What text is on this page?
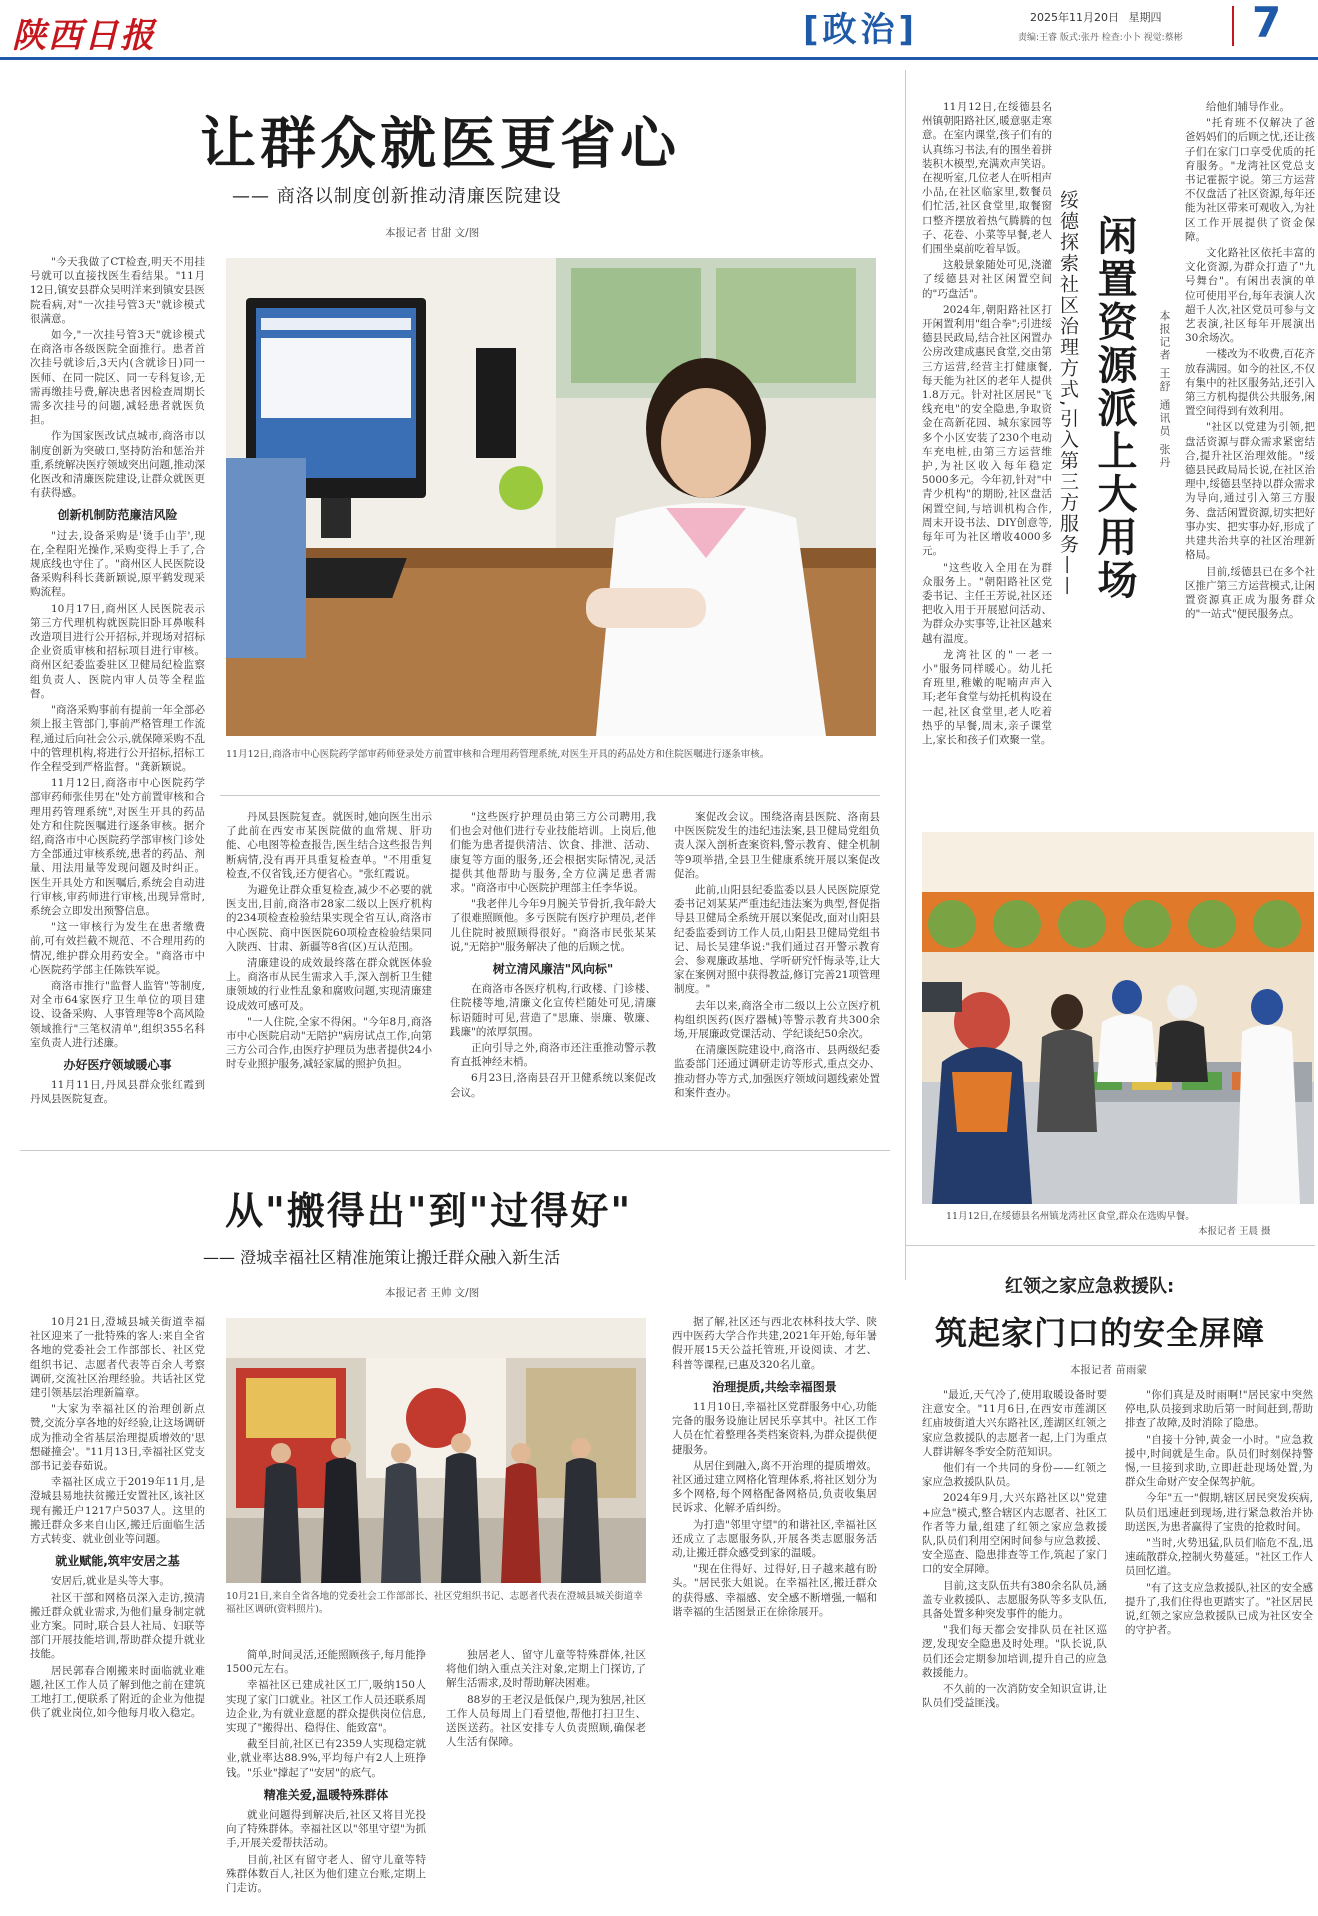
陕西日报	[政治]	2025年11月20日 星期四
责编:王睿 版式:张丹 检查:小卜 视觉:蔡彬 7
让群众就医更省心
—— 商洛以制度创新推动清廉医院建设
本报记者 甘甜 文/图

"今天我做了CT检查,明天不用挂号就可以直接找医生看结果。"11月12日,镇安县群众吴明洋来到镇安县医院看病,对"一次挂号管3天"就诊模式很满意。

如今,"一次挂号管3天"就诊模式在商洛市各级医院全面推行。患者首次挂号就诊后,3天内(含就诊日)同一医师、在同一院区、同一专科复诊,无需再缴挂号费,解决患者因检查周期长需多次挂号的问题,减轻患者就医负担。

作为国家医改试点城市,商洛市以制度创新为突破口,坚持防治和惩治并重,系统解决医疗领域突出问题,推动深化医改和清廉医院建设,让群众就医更有获得感。

创新机制防范廉洁风险

"过去,设备采购是'烫手山芋',现在,全程阳光操作,采购变得上手了,合规底线也守住了。"商州区人民医院设备采购科科长龚新颖说,原平鹤发现采购流程。

10月17日,商州区人民医院表示第三方代理机构就医院旧卧耳鼻喉科改造项目进行公开招标,并现场对招标企业资质审核和招标项目进行审核。商州区纪委监委驻区卫健局纪检监察组负责人、医院内审人员等全程监督。

"商洛采购事前有提前一年全部必须上报主管部门,事前严格管理工作流程,通过后向社会公示,就保障采购不乱中的管理机构,将进行公开招标,招标工作全程受到严格监督。"龚新颖说。

11月12日,商洛市中心医院药学部审药师张佳男在"处方前置审核和合理用药管理系统",对医生开具的药品处方和住院医嘱进行逐条审核。据介绍,商洛市中心医院药学部审核门诊处方全部通过审核系统,患者的药品、剂量、用法用量等发现问题及时纠正。医生开具处方和医嘱后,系统会自动进行审核,审药师进行审核,出现异常时,系统会立即发出预警信息。

"这一审核行为发生在患者缴费前,可有效拦截不规范、不合理用药的情况,维护群众用药安全。"商洛市中心医院药学部主任陈铁军说。

商洛市推行"监督人监管"等制度,对全市64家医疗卫生单位的项目建设、设备采购、人事管理等8个高风险领域推行"三笔权清单",组织355名科室负责人进行述廉。

办好医疗领域暖心事

11月11日,丹凤县群众张红霞到丹凤县医院复查。

11月12日,商洛市中心医院药学部审药师登录处方前置审核和合理用药管理系统,对医生开具的药品处方和住院医嘱进行逐条审核。

丹凤县医院复查。就医时,她向医生出示了此前在西安市某医院做的血常规、肝功能、心电图等检查报告,医生结合这些报告判断病情,没有再开具重复检查单。"不用重复检查,不仅省钱,还方便省心。"张红霞说。

为避免让群众重复检查,减少不必要的就医支出,目前,商洛市28家二级以上医疗机构的234项检查检验结果实现全省互认,商洛市中心医院、商中医医院60项检查检验结果同入陕西、甘肃、新疆等8省(区)互认范围。

清廉建设的成效最终落在群众就医体验上。商洛市从民生需求入手,深入剖析卫生健康领域的行业性乱象和腐败问题,实现清廉建设成效可感可及。

"一人住院,全家不得闲。"今年8月,商洛市中心医院启动"无陪护"病房试点工作,向第三方公司合作,由医疗护理员为患者提供24小时专业照护服务,减轻家属的照护负担。

"这些医疗护理员由第三方公司聘用,我们也会对他们进行专业技能培训。上岗后,他们能为患者提供清洁、饮食、排泄、活动、康复等方面的服务,还会根据实际情况,灵活提供其他帮助与服务,全方位满足患者需求。"商洛市中心医院护理部主任李华说。

"我老伴儿今年9月腕关节骨折,我年龄大了很难照顾他。多亏医院有医疗护理员,老伴儿住院时被照顾得很好。"商洛市民张某某说,"无陪护"服务解决了他的后顾之忧。

树立清风廉洁"风向标"

在商洛市各医疗机构,行政楼、门诊楼、住院楼等地,清廉文化宣传栏随处可见,清廉标语随时可见,营造了"思廉、崇廉、敬廉、践廉"的浓厚氛围。

正向引导之外,商洛市还注重推动警示教育直抵神经末梢。

6月23日,洛南县召开卫健系统以案促改会议。

案促改会议。围绕洛南县医院、洛南县中医医院发生的违纪违法案,县卫健局党组负责人深入剖析查案资料,警示教育、健全机制等9项举措,全县卫生健康系统开展以案促改促治。

此前,山阳县纪委监委以县人民医院原党委书记刘某某严重违纪违法案为典型,督促指导县卫健局全系统开展以案促改,面对山阳县纪委监委到访工作人员,山阳县卫健局党组书记、局长吴建华说:"我们通过召开警示教育会、参观廉政基地、学听研究忏悔录等,让大家在案例对照中获得教益,修订完善21项管理制度。"

去年以来,商洛全市二级以上公立医疗机构组织医药(医疗器械)等警示教育共300余场,开展廉政党课活动、学纪谈纪50余次。

在清廉医院建设中,商洛市、县两级纪委监委部门还通过调研走访等形式,重点交办、推动督办等方式,加强医疗领域问题线索处置和案件查办。

11月12日,在绥德县名州镇朝阳路社区,暖意驱走寒意。在室内课堂,孩子们有的认真练习书法,有的围坐着拼装积木模型,充满欢声笑语。在视听室,几位老人在听相声小品,在社区临家里,数餐员们忙活,社区食堂里,取餐窗口整齐摆放着热气腾腾的包子、花卷、小菜等早餐,老人们围坐桌前吃着早饭。

这般景象随处可见,浇灌了绥德县对社区闲置空间的"巧盘活"。

2024年,朝阳路社区打开闲置利用"组合拳";引进绥德县民政局,结合社区闲置办公房改建成惠民食堂,交由第三方运营,经营主打健康餐,每天能为社区的老年人提供1.8万元。针对社区居民"飞线充电"的安全隐患,争取资金在高新花园、城东家园等多个小区安装了230个电动车充电桩,由第三方运营维护,为社区收入每年稳定5000多元。今年初,针对"中青少机构"的期盼,社区盘活闲置空间,与培训机构合作,周末开设书法、DIY创意等,每年可为社区增收4000多元。

"这些收入全用在为群众服务上。"朝阳路社区党委书记、主任王芳说,社区还把收入用于开展慰问活动、为群众办实事等,让社区越来越有温度。

龙湾社区的"一老一小"服务同样暖心。幼儿托育班里,稚嫩的呢喃声声入耳;老年食堂与幼托机构设在一起,社区食堂里,老人吃着热乎的早餐,周末,亲子课堂上,家长和孩子们欢聚一堂。

绥德探索社区治理方式,引入第三方服务—— 闲置资源派上大用场	本报记者 王舒 通讯员 张丹

给他们辅导作业。

"托育班不仅解决了爸爸妈妈们的后顾之忧,还让孩子们在家门口享受优质的托育服务。"龙湾社区党总支书记霍振宇说。第三方运营不仅盘活了社区资源,每年还能为社区带来可观收入,为社区工作开展提供了资金保障。

文化路社区依托丰富的文化资源,为群众打造了"九号舞台"。有闲出表演的单位可使用平台,每年表演人次超千人次,社区党员可参与文艺表演,社区每年开展演出30余场次。

一楼改为不收费,百花齐放春满园。如今的社区,不仅有集中的社区服务站,还引入第三方机构提供公共服务,闲置空间得到有效利用。

"社区以党建为引领,把盘活资源与群众需求紧密结合,提升社区治理效能。"绥德县民政局局长说,在社区治理中,绥德县坚持以群众需求为导向,通过引入第三方服务、盘活闲置资源,切实把好事办实、把实事办好,形成了共建共治共享的社区治理新格局。

目前,绥德县已在多个社区推广第三方运营模式,让闲置资源真正成为服务群众的"一站式"便民服务点。

11月12日,在绥德县名州镇龙湾社区食堂,群众在选购早餐。
本报记者 王晨 摄
从"搬得出"到"过得好"
—— 澄城幸福社区精准施策让搬迁群众融入新生活
本报记者 王帅 文/图

10月21日,澄城县城关街道幸福社区迎来了一批特殊的客人:来自全省各地的党委社会工作部部长、社区党组织书记、志愿者代表等百余人考察调研,交流社区治理经验。共话社区党建引领基层治理新篇章。

"大家为幸福社区的治理创新点赞,交流分享各地的好经验,让这场调研成为推动全省基层治理提质增效的'思想碰撞会'。"11月13日,幸福社区党支部书记姜春茹说。

幸福社区成立于2019年11月,是澄城县易地扶贫搬迁安置社区,该社区现有搬迁户1217户5037人。这里的搬迁群众多来自山区,搬迁后面临生活方式转变、就业创业等问题。

就业赋能,筑牢安居之基

安居后,就业是头等大事。

社区干部和网格员深入走访,摸清搬迁群众就业需求,为他们量身制定就业方案。同时,联合县人社局、妇联等部门开展技能培训,帮助群众提升就业技能。

居民郭春合刚搬来时面临就业难题,社区工作人员了解到他之前在建筑工地打工,便联系了附近的企业为他提供了就业岗位,如今他每月收入稳定。

10月21日,来自全省各地的党委社会工作部部长、社区党组织书记、志愿者代表在澄城县城关街道幸福社区调研(资料照片)。

简单,时间灵活,还能照顾孩子,每月能挣1500元左右。

幸福社区已建成社区工厂,吸纳150人实现了家门口就业。社区工作人员还联系周边企业,为有就业意愿的群众提供岗位信息,实现了"搬得出、稳得住、能致富"。

截至目前,社区已有2359人实现稳定就业,就业率达88.9%,平均每户有2人上班挣钱。"乐业"撑起了"安居"的底气。

精准关爱,温暖特殊群体

就业问题得到解决后,社区又将目光投向了特殊群体。幸福社区以"邻里守望"为抓手,开展关爱帮扶活动。

目前,社区有留守老人、留守儿童等特殊群体数百人,社区为他们建立台账,定期上门走访。

独居老人、留守儿童等特殊群体,社区将他们纳入重点关注对象,定期上门探访,了解生活需求,及时帮助解决困难。

88岁的王老汉是低保户,现为独居,社区工作人员每周上门看望他,帮他打扫卫生、送医送药。社区安排专人负责照顾,确保老人生活有保障。

据了解,社区还与西北农林科技大学、陕西中医药大学合作共建,2021年开始,每年暑假开展15天公益托管班,开设阅读、才艺、科普等课程,已惠及320名儿童。

治理提质,共绘幸福图景

11月10日,幸福社区党群服务中心,功能完备的服务设施让居民乐享其中。社区工作人员在忙着整理各类档案资料,为群众提供便捷服务。

从居住到融入,离不开治理的提质增效。社区通过建立网格化管理体系,将社区划分为多个网格,每个网格配备网格员,负责收集居民诉求、化解矛盾纠纷。

为打造"邻里守望"的和谐社区,幸福社区还成立了志愿服务队,开展各类志愿服务活动,让搬迁群众感受到家的温暖。

"现在住得好、过得好,日子越来越有盼头。"居民张大姐说。在幸福社区,搬迁群众的获得感、幸福感、安全感不断增强,一幅和谐幸福的生活图景正在徐徐展开。

红领之家应急救援队:
筑起家门口的安全屏障
本报记者 苗雨蒙

"最近,天气冷了,使用取暖设备时要注意安全。"11月6日,在西安市莲湖区红庙坡街道大兴东路社区,莲湖区红领之家应急救援队的志愿者一起,上门为重点人群讲解冬季安全防范知识。

他们有一个共同的身份——红领之家应急救援队队员。

2024年9月,大兴东路社区以"党建+应急"模式,整合辖区内志愿者、社区工作者等力量,组建了红领之家应急救援队,队员们利用空闲时间参与应急救援、安全巡查、隐患排查等工作,筑起了家门口的安全屏障。

目前,这支队伍共有380余名队员,涵盖专业救援队、志愿服务队等多支队伍,具备处置多种突发事件的能力。

"我们每天都会安排队员在社区巡逻,发现安全隐患及时处理。"队长说,队员们还会定期参加培训,提升自己的应急救援能力。

不久前的一次消防安全知识宣讲,让队员们受益匪浅。

"你们真是及时雨啊!"居民家中突然停电,队员接到求助后第一时间赶到,帮助排查了故障,及时消除了隐患。

"自接十分钟,黄金一小时。"应急救援中,时间就是生命。队员们时刻保持警惕,一旦接到求助,立即赶赴现场处置,为群众生命财产安全保驾护航。

今年"五一"假期,辖区居民突发疾病,队员们迅速赶到现场,进行紧急救治并协助送医,为患者赢得了宝贵的抢救时间。

"当时,火势迅猛,队员们临危不乱,迅速疏散群众,控制火势蔓延。"社区工作人员回忆道。

"有了这支应急救援队,社区的安全感提升了,我们住得也更踏实了。"社区居民说,红领之家应急救援队已成为社区安全的守护者。
